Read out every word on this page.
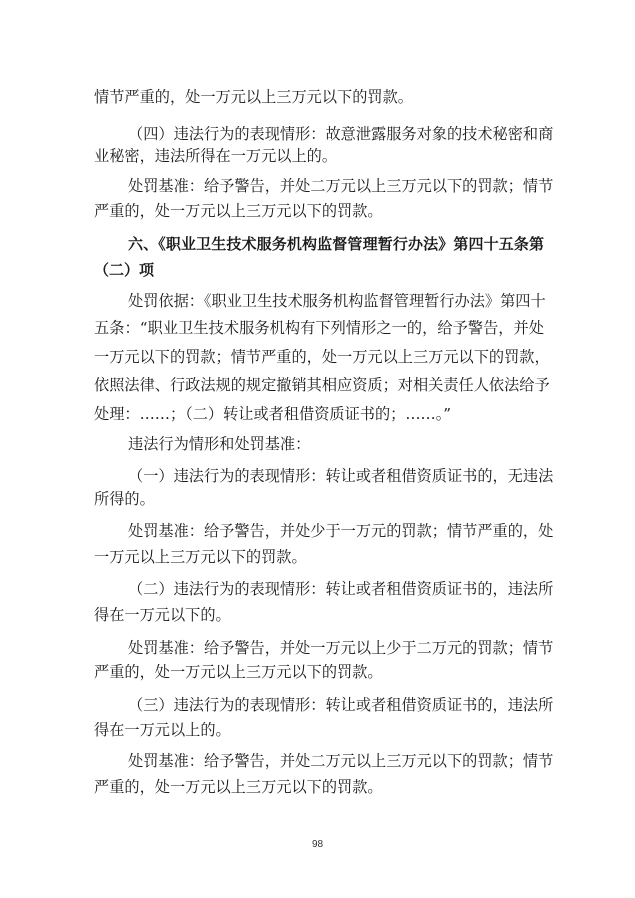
情节严重的，处一万元以上三万元以下的罚款。
（四）违法行为的表现情形：故意泄露服务对象的技术秘密和商
业秘密，违法所得在一万元以上的。
处罚基准：给予警告，并处二万元以上三万元以下的罚款；情节
严重的，处一万元以上三万元以下的罚款。
六、《职业卫生技术服务机构监督管理暂行办法》第四十五条第
（二）项
处罚依据：《职业卫生技术服务机构监督管理暂行办法》第四十
五条：“职业卫生技术服务机构有下列情形之一的，给予警告，并处
一万元以下的罚款；情节严重的，处一万元以上三万元以下的罚款，
依照法律、行政法规的规定撤销其相应资质；对相关责任人依法给予
处理：……；（二）转让或者租借资质证书的；……。”
违法行为情形和处罚基准：
（一）违法行为的表现情形：转让或者租借资质证书的，无违法
所得的。
处罚基准：给予警告，并处少于一万元的罚款；情节严重的，处
一万元以上三万元以下的罚款。
（二）违法行为的表现情形：转让或者租借资质证书的，违法所
得在一万元以下的。
处罚基准：给予警告，并处一万元以上少于二万元的罚款；情节
严重的，处一万元以上三万元以下的罚款。
（三）违法行为的表现情形：转让或者租借资质证书的，违法所
得在一万元以上的。
处罚基准：给予警告，并处二万元以上三万元以下的罚款；情节
严重的，处一万元以上三万元以下的罚款。
98
